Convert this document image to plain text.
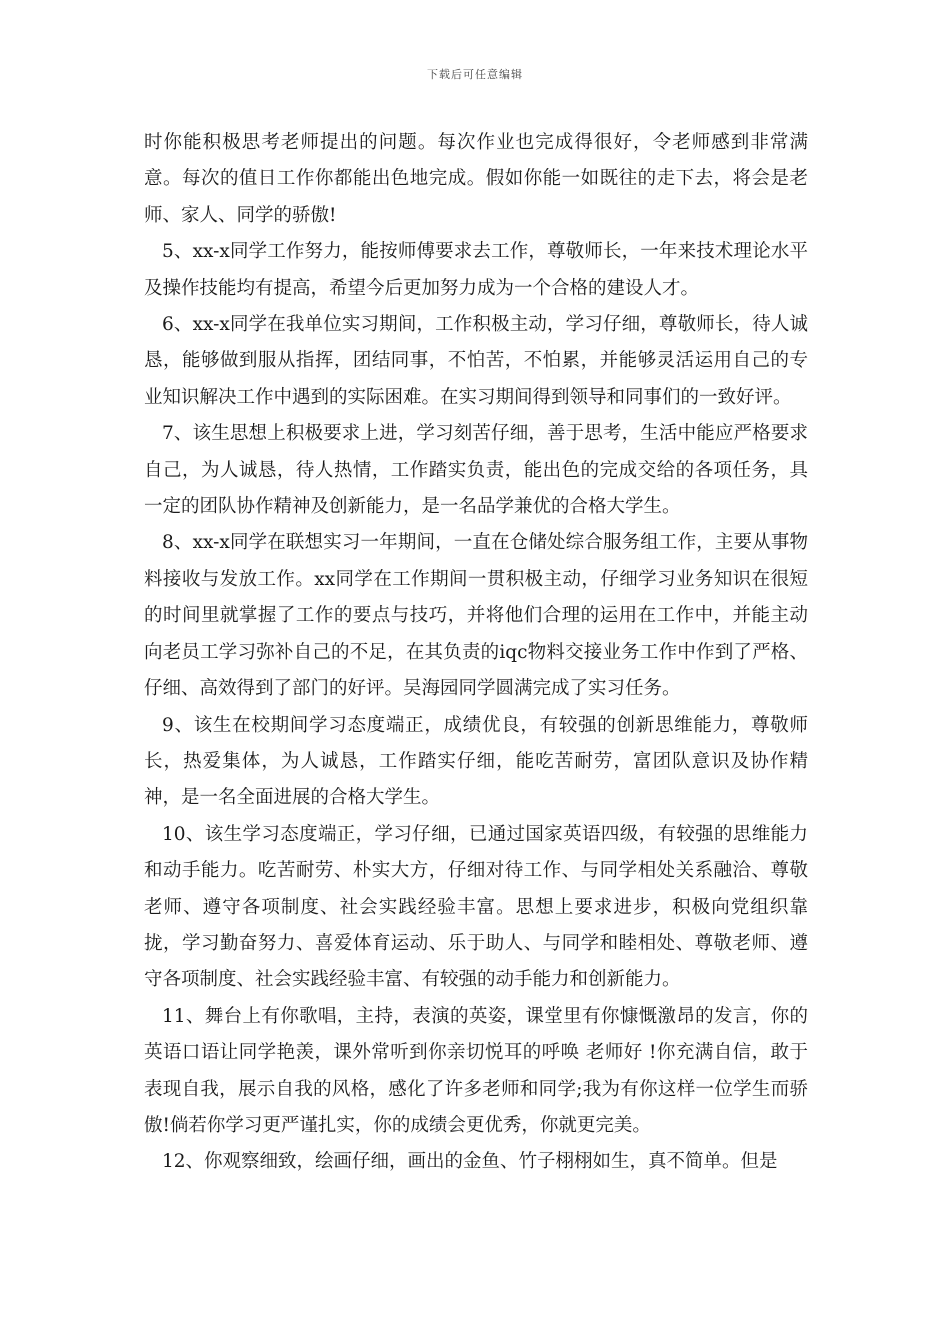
下载后可任意编辑

时你能积极思考老师提出的问题。每次作业也完成得很好，令老师感到非常满意。每次的值日工作你都能出色地完成。假如你能一如既往的走下去，将会是老师、家人、同学的骄傲!

5、xx-x同学工作努力，能按师傅要求去工作，尊敬师长，一年来技术理论水平及操作技能均有提高，希望今后更加努力成为一个合格的建设人才。

6、xx-x同学在我单位实习期间，工作积极主动，学习仔细，尊敬师长，待人诚恳，能够做到服从指挥，团结同事，不怕苦，不怕累，并能够灵活运用自己的专业知识解决工作中遇到的实际困难。在实习期间得到领导和同事们的一致好评。

7、该生思想上积极要求上进，学习刻苦仔细，善于思考，生活中能应严格要求自己，为人诚恳，待人热情，工作踏实负责，能出色的完成交给的各项任务，具一定的团队协作精神及创新能力，是一名品学兼优的合格大学生。

8、xx-x同学在联想实习一年期间，一直在仓储处综合服务组工作，主要从事物料接收与发放工作。xx同学在工作期间一贯积极主动，仔细学习业务知识在很短的时间里就掌握了工作的要点与技巧，并将他们合理的运用在工作中，并能主动向老员工学习弥补自己的不足，在其负责的iqc物料交接业务工作中作到了严格、仔细、高效得到了部门的好评。吴海园同学圆满完成了实习任务。

9、该生在校期间学习态度端正，成绩优良，有较强的创新思维能力，尊敬师长，热爱集体，为人诚恳，工作踏实仔细，能吃苦耐劳，富团队意识及协作精神，是一名全面进展的合格大学生。

10、该生学习态度端正，学习仔细，已通过国家英语四级，有较强的思维能力和动手能力。吃苦耐劳、朴实大方，仔细对待工作、与同学相处关系融洽、尊敬老师、遵守各项制度、社会实践经验丰富。思想上要求进步，积极向党组织靠拢，学习勤奋努力、喜爱体育运动、乐于助人、与同学和睦相处、尊敬老师、遵守各项制度、社会实践经验丰富、有较强的动手能力和创新能力。

11、舞台上有你歌唱，主持，表演的英姿，课堂里有你慷慨激昂的发言，你的英语口语让同学艳羡，课外常听到你亲切悦耳的呼唤 老师好 !你充满自信，敢于表现自我，展示自我的风格，感化了许多老师和同学;我为有你这样一位学生而骄傲!倘若你学习更严谨扎实，你的成绩会更优秀，你就更完美。

12、你观察细致，绘画仔细，画出的金鱼、竹子栩栩如生，真不简单。但是
